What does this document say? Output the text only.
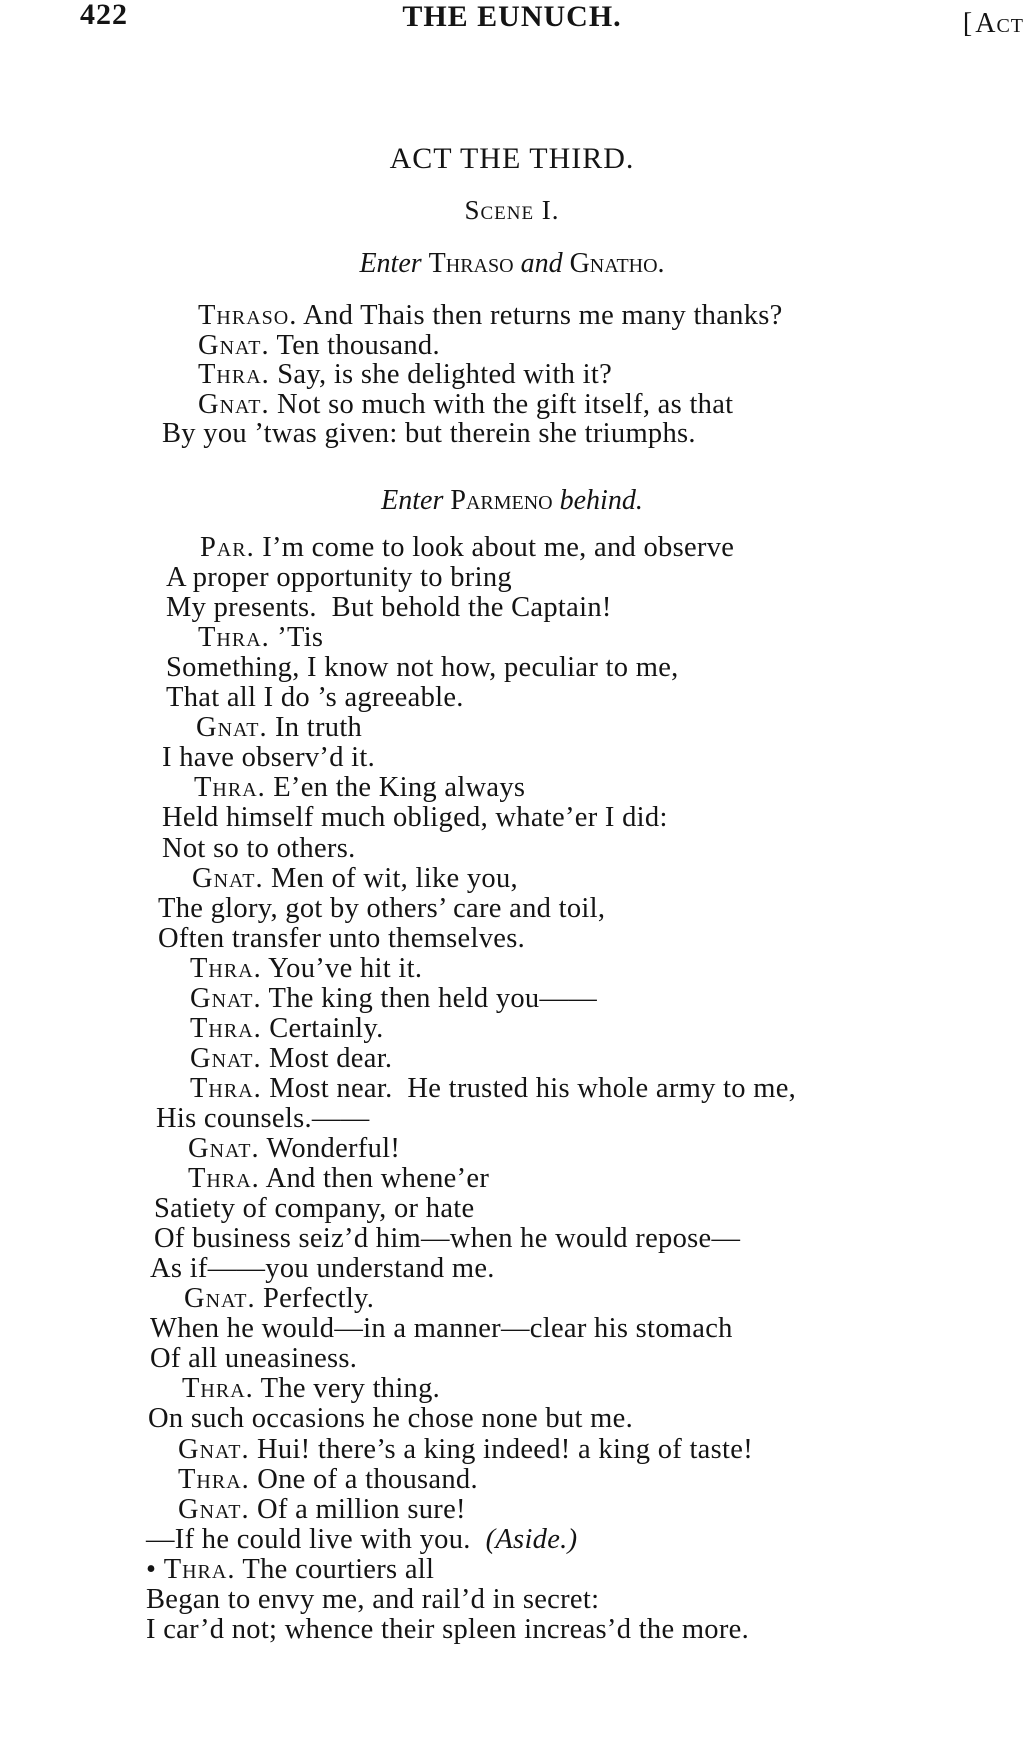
422	THE EUNUCH.	[Act
ACT THE THIRD.
Scene I.
Enter Thraso and Gnatho.
Thraso. And Thais then returns me many thanks?
Gnat. Ten thousand.
Thra. Say, is she delighted with it?
Gnat. Not so much with the gift itself, as that
By you ’twas given: but therein she triumphs.
Enter Parmeno behind.
Par. I’m come to look about me, and observe
A proper opportunity to bring
My presents.  But behold the Captain!
Thra. ’Tis
Something, I know not how, peculiar to me,
That all I do ’s agreeable.
Gnat. In truth
I have observ’d it.
Thra. E’en the King always
Held himself much obliged, whate’er I did:
Not so to others.
Gnat. Men of wit, like you,
The glory, got by others’ care and toil,
Often transfer unto themselves.
Thra. You’ve hit it.
Gnat. The king then held you——
Thra. Certainly.
Gnat. Most dear.
Thra. Most near.  He trusted his whole army to me,
His counsels.——
Gnat. Wonderful!
Thra. And then whene’er
Satiety of company, or hate
Of business seiz’d him—when he would repose—
As if——you understand me.
Gnat. Perfectly.
When he would—in a manner—clear his stomach
Of all uneasiness.
Thra. The very thing.
On such occasions he chose none but me.
Gnat. Hui! there’s a king indeed! a king of taste!
Thra. One of a thousand.
Gnat. Of a million sure!
—If he could live with you.  (Aside.)
• Thra. The courtiers all
Began to envy me, and rail’d in secret:
I car’d not; whence their spleen increas’d the more.
